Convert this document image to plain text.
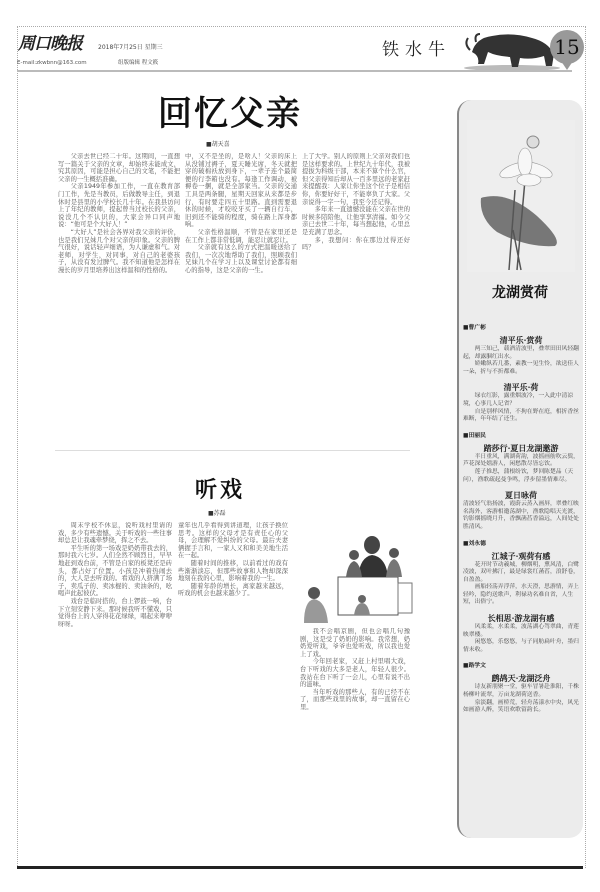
周口晚报	2018年7月25日 星期三
E-mail:zkwbnn@163.com	组版编辑 程文筱
铁水牛	15
回忆父亲
■胡天喜

父亲去世已经二十年。这期间，一直想写一篇关于父亲的文章，却始终未能成文，究其原因，可能是担心自己的文笔，不能把父亲的一生概括准确。

父亲1949年参加工作，一直在教育部门工作，先是当教员，后做教导主任，到退休时是县里的小学校长几十年。在我县访问上了年纪的教师，提起曾当过校长的父亲，说没几个不认识的，大家会异口同声地说：“他可是个大好人！”

“大好人”是社会各界对我父亲的评价，也是我们兄妹几个对父亲的印象。父亲的脾气很好，说话轻声细语，为人谦虚和气。对老师，对学生，对同事，对自己的老婆孩子，从没有发过脾气。我不知道他是怎样在漫长的岁月里培养出这样温和的性格的。

中，又不是坐的，是啥人！父亲的床上从没铺过褥子，夏天睡光席，冬天就把穿的破棉袄放到身下，一辈子连个最简便的行李箱也没有。每逢工作调动，被褥卷一捆，就是全部家当。父亲的交通工具是两条腿，星期天回家从来都是步行，有时要走四五十里路。直到需要退休的时候，才咬咬牙买了一辆自行车，旧到还不能骑的程度，骑在路上浑身都响。

父亲性格温顺，不管是在家里还是在工作上都非常低调，能忍让就忍让。

父亲就有这么的方式把温暖送给了我们，一次次地帮助了我们，照顾我们兄妹几个在学习上以及课堂讨论都有细心的指导，这是父亲的一生。

上了大学。别人的原则上父亲对我们也是这样要求的。上世纪九十年代，我被提拔为科级干部，本来不算个什么官，但父亲得知后却从一百多里远的老家赶来提醒我：人家让你坐这个位子是相信你，你要好好干，不能辜负了大家。父亲说得一字一句，我至今还记得。

多年来一直遗憾没能在父亲在世的时候多陪陪他，让他享享清福。如今父亲已去世二十年，每当想起他，心里总是充满了思念。

多，我想问：你在那边过得还好吗？

听戏
■苏磊

周末学校不休息，说听戏村里请的戏，多少有些遗憾。关于听戏的一些往事却总是让我魂牵梦绕，挥之不去。

平生听的第一场戏是奶奶带我去的，那时我六七岁。人们全然不顾烈日，早早地赶到戏台前，不管是自家的板凳还是砖头，都占好了位置。小孩是冲着热闹去的，大人是去听戏的。看戏的人挤满了场子，卖瓜子的、卖冰棍的、卖油条的，吆喝声此起彼伏。

戏台是临时搭的，台上锣鼓一响，台下立刻安静下来。那时候我听不懂戏，只觉得台上的人穿得花花绿绿，唱起来咿咿呀呀。

童年也几乎看得到讲道理，让孩子换位思考。这样的父母才是有责任心的父母，会理解不爱纠纷的父母。最后夫妻俩握手言和，一家人又和和美美地生活在一起。

随着时间的推移，以前看过的戏有些渐渐淡忘，但那些故事和人物却深深地刻在我的心里，影响着我的一生。

随着年龄的增长，离家越来越远，听戏的机会也越来越少了。

我不会唱京剧，但也会唱几句豫剧，这是受了奶奶的影响。我常想，奶奶爱听戏，爷爷也爱听戏，所以我也爱上了戏。

今年回老家，又赶上村里唱大戏，台下听戏的大多是老人，年轻人很少。我站在台下听了一会儿，心里有说不出的滋味。

当年听戏的那些人，有的已经不在了，而那些戏里的故事，却一直留在心里。

龙湖赏荷
■ 曹广彬
清平乐·赏荷
两三知己，载酒清波里，叠翠田田风轻翻起，却露胭红出水。
娇嫩纵若几番，素教一见生怜，欲送佳人一朵，折与不折都难。
清平乐·荷
绿衣红影，露重烟波冷，一入此中清凉境，心事几人记省？
自是别样风情，不拘在野在庭，相折香丝难断，年年结了还生。
■ 田丽民
踏莎行·夏日龙湖邀游
半日重风，满湖荷韵，波摇画舫吹云鬓，芦花深处嬉游人，闲愁散尽皆忘饮。
莲子推思，蒲根纷饮，梦回陈楚品（天问），渔歌疏起曼争鸣，浮步留墨情难尽。
夏日咏荷
清波轻气翁扬波，霞蔚云蒸入画屏，翠叠红映名海外，客游相邀荡湖中，渔歌隐唱天光渡，钓影烟摇晓月升，香飘菡萏香溢远，人间处处胜清风。
■ 刘永德
江城子·观荷有感
花开时节动羲城，柳烟明，熏风清，白鹭凌波，双叶拂汀，最是绿裳红菡萏，浪舒卷，自盈盈。
画船轻荡弄浮萍，水天澄，思游情，弄上轻吟，隐约送歌声，利禄功名难自省，人生短，出俗宁。
长相思·游龙湖有感
风柔柔，水柔柔，波荡湖心驾翠曲，青莲映翠楼。
闲悠悠，乐悠悠，与子同舫扁叶舟，墨归情未收。
■ 路学文
鹧鸪天·龙湖泛舟
诗友新朋聚一堂，驱车冒暑赴淮阳，千株杨柳叶流翠，万亩龙湖荷送香。
泉淡翻，画桥荒，轻舟荡漾水中央，风光如画游人醉，笑语欢歌留韵长。
